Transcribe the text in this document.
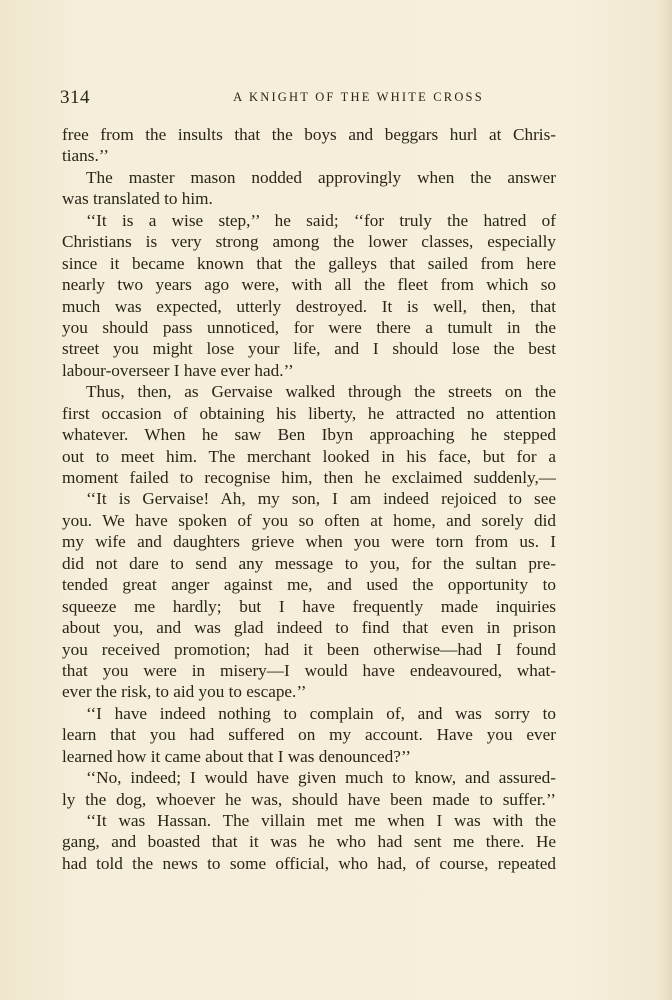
314	A KNIGHT OF THE WHITE CROSS
free from the insults that the boys and beggars hurl at Chris-
tians.’’
The master mason nodded approvingly when the answer
was translated to him.
‘‘It is a wise step,’’ he said; ‘‘for truly the hatred of
Christians is very strong among the lower classes, especially
since it became known that the galleys that sailed from here
nearly two years ago were, with all the fleet from which so
much was expected, utterly destroyed. It is well, then, that
you should pass unnoticed, for were there a tumult in the
street you might lose your life, and I should lose the best
labour-overseer I have ever had.’’
Thus, then, as Gervaise walked through the streets on the
first occasion of obtaining his liberty, he attracted no attention
whatever. When he saw Ben Ibyn approaching he stepped
out to meet him. The merchant looked in his face, but for a
moment failed to recognise him, then he exclaimed suddenly,—
‘‘It is Gervaise! Ah, my son, I am indeed rejoiced to see
you. We have spoken of you so often at home, and sorely did
my wife and daughters grieve when you were torn from us. I
did not dare to send any message to you, for the sultan pre-
tended great anger against me, and used the opportunity to
squeeze me hardly; but I have frequently made inquiries
about you, and was glad indeed to find that even in prison
you received promotion; had it been otherwise—had I found
that you were in misery—I would have endeavoured, what-
ever the risk, to aid you to escape.’’
‘‘I have indeed nothing to complain of, and was sorry to
learn that you had suffered on my account. Have you ever
learned how it came about that I was denounced?’’
‘‘No, indeed; I would have given much to know, and assured-
ly the dog, whoever he was, should have been made to suffer.’’
‘‘It was Hassan. The villain met me when I was with the
gang, and boasted that it was he who had sent me there. He
had told the news to some official, who had, of course, repeated
